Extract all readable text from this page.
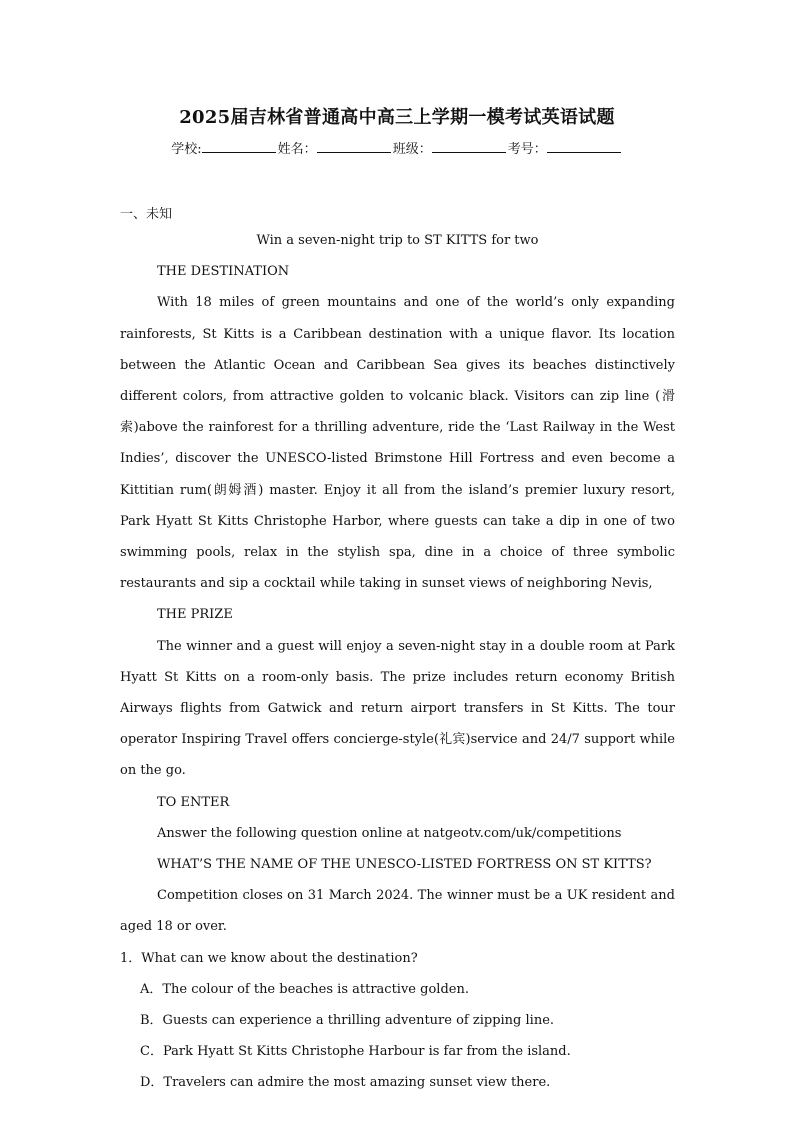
2025届吉林省普通高中高三上学期一模考试英语试题
学校:	姓名：	班级：	考号：
一、未知

Win a seven-night trip to ST KITTS for two

THE DESTINATION

With 18 miles of green mountains and one of the world’s only expanding rainforests, St Kitts is a Caribbean destination with a unique flavor. Its location between the Atlantic Ocean and Caribbean Sea gives its beaches distinctively different colors, from attractive golden to volcanic black. Visitors can zip line (滑索)above the rainforest for a thrilling adventure, ride the ‘Last Railway in the West Indies’, discover the UNESCO-listed Brimstone Hill Fortress and even become a Kittitian rum(朗姆酒) master. Enjoy it all from the island’s premier luxury resort, Park Hyatt St Kitts Christophe Harbor, where guests can take a dip in one of two swimming pools, relax in the stylish spa, dine in a choice of three symbolic restaurants and sip a cocktail while taking in sunset views of neighboring Nevis,

THE PRIZE

The winner and a guest will enjoy a seven-night stay in a double room at Park Hyatt St Kitts on a room-only basis. The prize includes return economy British Airways flights from Gatwick and return airport transfers in St Kitts. The tour operator Inspiring Travel offers concierge-style(礼宾)service and 24/7 support while on the go.

TO ENTER

Answer the following question online at natgeotv.com/uk/competitions

WHAT’S THE NAME OF THE UNESCO-LISTED FORTRESS ON ST KITTS?

Competition closes on 31 March 2024. The winner must be a UK resident and aged 18 or over.

1．What can we know about the destination?

A．The colour of the beaches is attractive golden.

B．Guests can experience a thrilling adventure of zipping line.

C．Park Hyatt St Kitts Christophe Harbour is far from the island.

D．Travelers can admire the most amazing sunset view there.
